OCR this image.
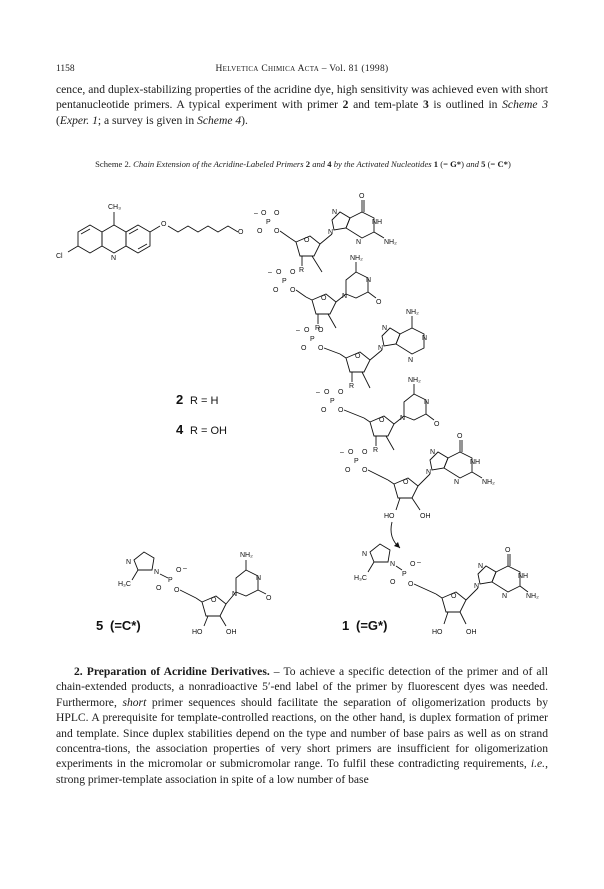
1158	Helvetica Chimica Acta – Vol. 81 (1998)

cence, and duplex-stabilizing properties of the acridine dye, high sensitivity was achieved even with short pentanucleotide primers. A typical experiment with primer 2 and tem-plate 3 is outlined in Scheme 3 (Exper. 1; a survey is given in Scheme 4).

Scheme 2. Chain Extension of the Acridine-Labeled Primers 2 and 4 by the Activated Nucleotides 1 (= G*) and 5 (= C*)
CH₃
N
Cl
O
O
– O
P
O
O O
O
O
N
NH
N
N	NH₂
R
– O
P
O
O O
O
NH₂
N
N
O
R
– O
P
O
O O
O
NH₂
N
N
N
N
R
2 R = H
4 R = OH
– O
P
O
O O
O
NH₂
N
N
O
R
– O
P
O
O O
O
O
N
NH
N
N	NH₂
HO	OH
N
N
H₃C
P
O –
O O
O
NH₂
N
N
O
HO	OH
5 (=C*)
N
N
H₃C
P
O –
O O
O
O
N
NH
N
N	NH₂
HO	OH
1 (=G*)

2. Preparation of Acridine Derivatives. – To achieve a specific detection of the primer and of all chain-extended products, a nonradioactive 5′-end label of the primer by fluorescent dyes was needed. Furthermore, short primer sequences should facilitate the separation of oligomerization products by HPLC. A prerequisite for template-controlled reactions, on the other hand, is duplex formation of primer and template. Since duplex stabilities depend on the type and number of base pairs as well as on strand concentra-tions, the association properties of very short primers are insufficient for oligomerization experiments in the micromolar or submicromolar range. To fulfil these contradicting requirements, i.e., strong primer-template association in spite of a low number of base
